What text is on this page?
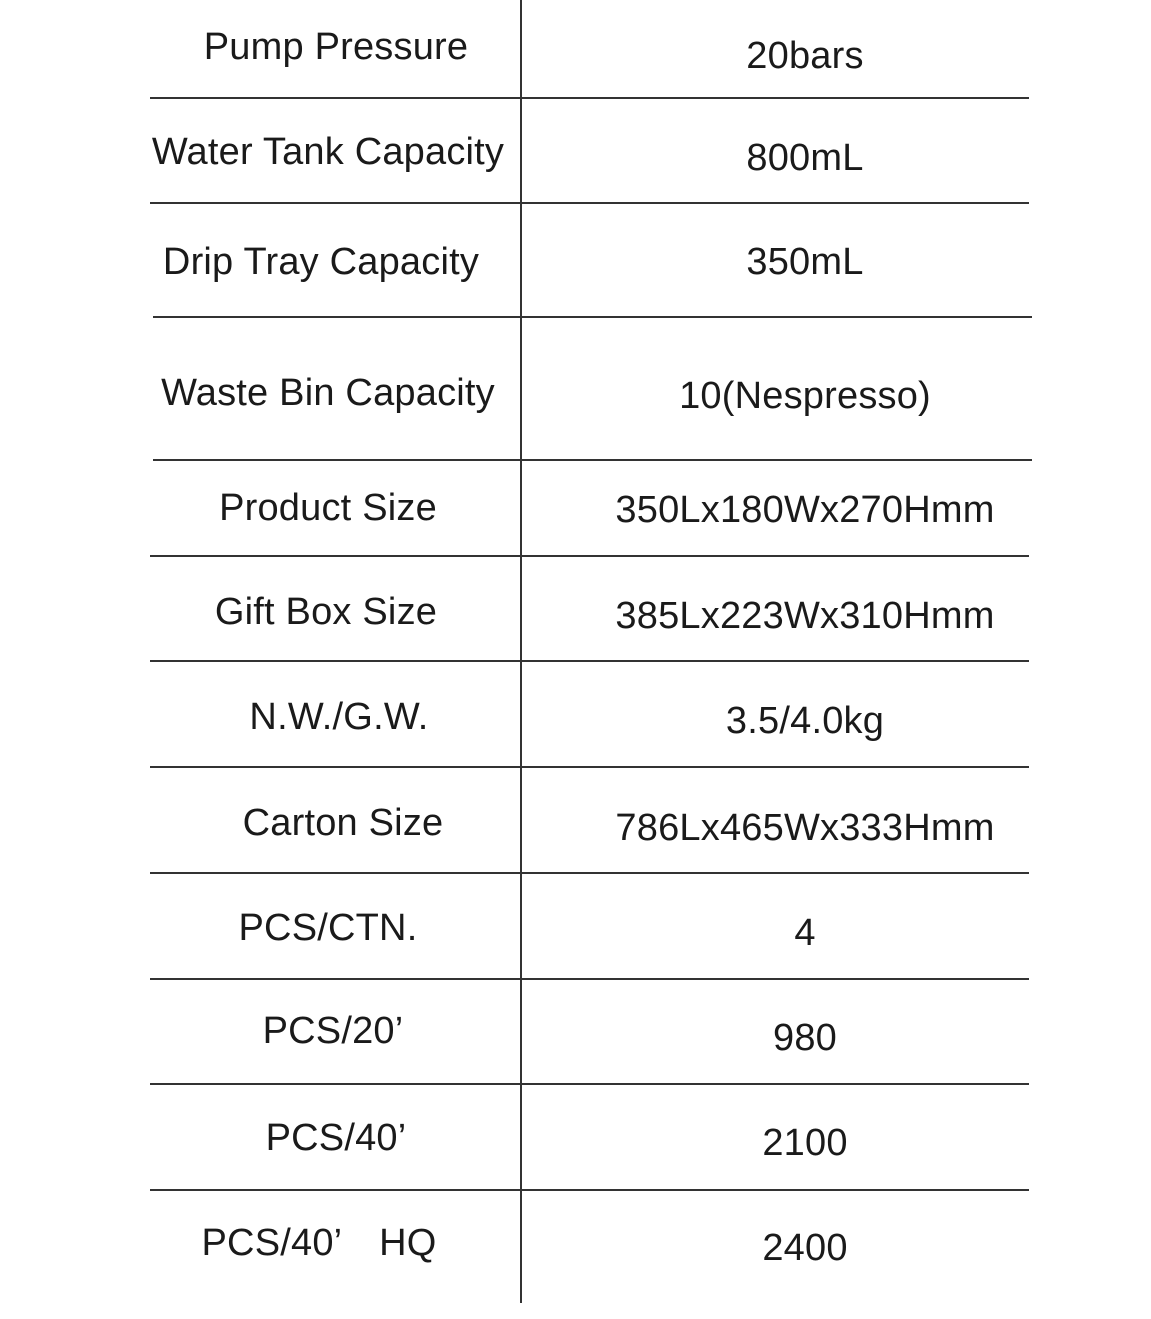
Pump Pressure	20bars
Water Tank Capacity	800mL
Drip Tray Capacity	350mL
Waste Bin Capacity	10(Nespresso)
Product Size	350Lx180Wx270Hmm
Gift Box Size	385Lx223Wx310Hmm
N.W./G.W.	3.5/4.0kg
Carton Size	786Lx465Wx333Hmm
PCS/CTN.	4
PCS/20’	980
PCS/40’	2100
PCS/40’　HQ	2400
